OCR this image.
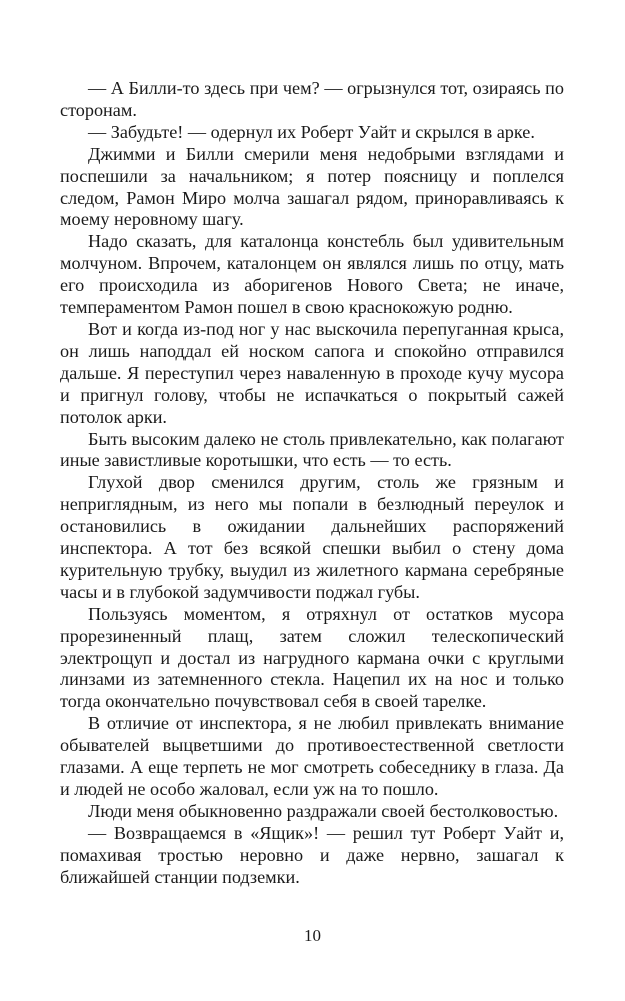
— А Билли-то здесь при чем? — огрызнулся тот, озираясь по сторонам.

— Забудьте! — одернул их Роберт Уайт и скрылся в арке.

Джимми и Билли смерили меня недобрыми взглядами и поспешили за начальником; я потер поясницу и поплелся следом, Рамон Миро молча зашагал рядом, приноравливаясь к моему неровному шагу.

Надо сказать, для каталонца констебль был удивительным молчуном. Впрочем, каталонцем он являлся лишь по отцу, мать его происходила из аборигенов Нового Света; не иначе, темпераментом Рамон пошел в свою краснокожую родню.

Вот и когда из-под ног у нас выскочила перепуганная крыса, он лишь наподдал ей носком сапога и спокойно отправился дальше. Я переступил через наваленную в проходе кучу мусора и пригнул голову, чтобы не испачкаться о покрытый сажей потолок арки.

Быть высоким далеко не столь привлекательно, как полагают иные завистливые коротышки, что есть — то есть.

Глухой двор сменился другим, столь же грязным и неприглядным, из него мы попали в безлюдный переулок и остановились в ожидании дальнейших распоряжений инспектора. А тот без всякой спешки выбил о стену дома курительную трубку, выудил из жилетного кармана серебряные часы и в глубокой задумчивости поджал губы.

Пользуясь моментом, я отряхнул от остатков мусора прорезиненный плащ, затем сложил телескопический электрощуп и достал из нагрудного кармана очки с круглыми линзами из затемненного стекла. Нацепил их на нос и только тогда окончательно почувствовал себя в своей тарелке.

В отличие от инспектора, я не любил привлекать внимание обывателей выцветшими до противоестественной светлости глазами. А еще терпеть не мог смотреть собеседнику в глаза. Да и людей не особо жаловал, если уж на то пошло.

Люди меня обыкновенно раздражали своей бестолковостью.

— Возвращаемся в «Ящик»! — решил тут Роберт Уайт и, помахивая тростью неровно и даже нервно, зашагал к ближайшей станции подземки.

10
